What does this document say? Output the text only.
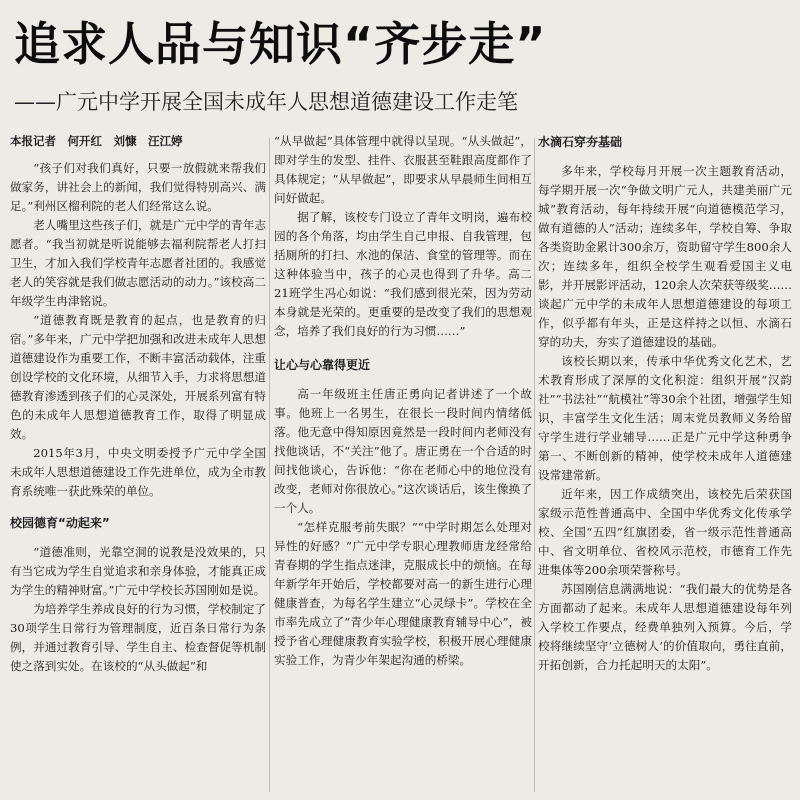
追求人品与知识“齐步走”
——广元中学开展全国未成年人思想道德建设工作走笔
本报记者　何开红　刘慷　汪江婷

“孩子们对我们真好，只要一放假就来帮我们做家务，讲社会上的新闻，我们觉得特别高兴、满足。”利州区榴利院的老人们经常这么说。

老人嘴里这些孩子们，就是广元中学的青年志愿者。“我当初就是听说能够去福利院帮老人打扫卫生，才加入我们学校青年志愿者社团的。我感觉老人的笑容就是我们做志愿活动的动力。”该校高二年级学生冉津铭说。

“道德教育既是教育的起点，也是教育的归宿。”多年来，广元中学把加强和改进未成年人思想道德建设作为重要工作，不断丰富活动载体，注重创设学校的文化环境，从细节入手，力求将思想道德教育渗透到孩子们的心灵深处，开展系列富有特色的未成年人思想道德教育工作，取得了明显成效。

2015年3月，中央文明委授予广元中学全国未成年人思想道德建设工作先进单位，成为全市教育系统唯一获此殊荣的单位。

校园德育“动起来”

“道德准则，光靠空洞的说教是没效果的，只有当它成为学生自觉追求和亲身体验，才能真正成为学生的精神财富。”广元中学校长苏国刚如是说。

为培养学生养成良好的行为习惯，学校制定了30项学生日常行为管理制度，近百条日常行为条例，并通过教育引导、学生自主、检查督促等机制使之落到实处。在该校的“从头做起”和

“从早做起”具体管理中就得以呈现。“从头做起”，即对学生的发型、挂件、衣服甚至鞋跟高度都作了具体规定；“从早做起”，即要求从早晨师生间相互问好做起。

据了解，该校专门设立了青年文明岗，遍布校园的各个角落，均由学生自己申报、自我管理，包括厕所的打扫、水池的保洁、食堂的管理等。而在这种体验当中，孩子的心灵也得到了升华。高二21班学生冯心如说：“我们感到很光荣，因为劳动本身就是光荣的。更重要的是改变了我们的思想观念，培养了我们良好的行为习惯……”

让心与心靠得更近

高一年级班主任唐正勇向记者讲述了一个故事。他班上一名男生，在很长一段时间内情绪低落。他无意中得知原因竟然是一段时间内老师没有找他谈话，不“关注”他了。唐正勇在一个合适的时间找他谈心，告诉他：“你在老师心中的地位没有改变，老师对你很放心。”这次谈话后，该生像换了一个人。

“怎样克服考前失眠？”“中学时期怎么处理对异性的好感？”广元中学专职心理教师唐龙经常给青春期的学生指点迷津，克服成长中的烦恼。在每年新学年开始后，学校都要对高一的新生进行心理健康普查，为每名学生建立“心灵绿卡”。学校在全市率先成立了“青少年心理健康教育辅导中心”，被授予省心理健康教育实验学校，积极开展心理健康实验工作，为青少年架起沟通的桥梁。

水滴石穿夯基础

多年来，学校每月开展一次主题教育活动，每学期开展一次“争做文明广元人，共建美丽广元城”教育活动，每年持续开展“向道德模范学习，做有道德的人”活动；连续多年，学校自筹、争取各类资助金累计300余万，资助留守学生800余人次；连续多年，组织全校学生观看爱国主义电影，并开展影评活动，120余人次荣获等级奖……谈起广元中学的未成年人思想道德建设的每项工作，似乎都有年头，正是这样持之以恒、水滴石穿的功夫，夯实了道德建设的基础。

该校长期以来，传承中华优秀文化艺术，艺术教育形成了深厚的文化积淀：组织开展“汉韵社”“书法社”“航模社”等30余个社团，增强学生知识，丰富学生文化生活；周末党员教师义务给留守学生进行学业辅导……正是广元中学这种勇争第一、不断创新的精神，使学校未成年人道德建设常建常新。

近年来，因工作成绩突出，该校先后荣获国家级示范性普通高中、全国中华优秀文化传承学校、全国“五四”红旗团委，省一级示范性普通高中、省文明单位、省校风示范校，市德育工作先进集体等200余项荣誉称号。

苏国刚信息满满地说：“我们最大的优势是各方面都动了起来。未成年人思想道德建设每年列入学校工作要点，经费单独列入预算。今后，学校将继续坚守‘立德树人’的价值取向，勇往直前，开拓创新，合力托起明天的太阳”。
